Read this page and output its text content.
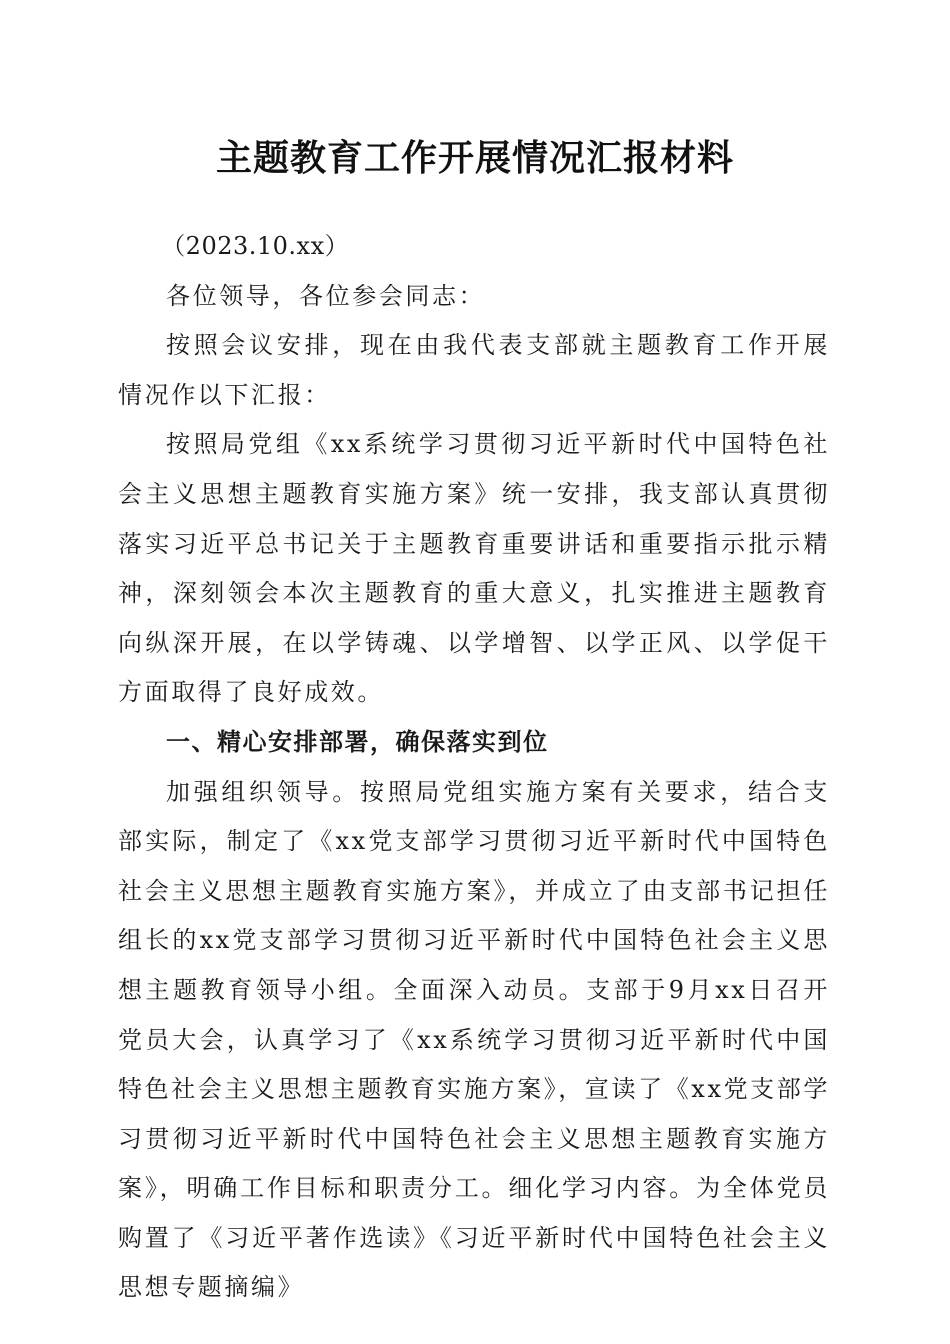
主题教育工作开展情况汇报材料

（2023.10.xx）

各位领导，各位参会同志：

按照会议安排，现在由我代表支部就主题教育工作开展情况作以下汇报：

按照局党组《xx系统学习贯彻习近平新时代中国特色社会主义思想主题教育实施方案》统一安排，我支部认真贯彻落实习近平总书记关于主题教育重要讲话和重要指示批示精神，深刻领会本次主题教育的重大意义，扎实推进主题教育向纵深开展，在以学铸魂、以学增智、以学正风、以学促干方面取得了良好成效。

一、精心安排部署，确保落实到位

加强组织领导。按照局党组实施方案有关要求，结合支部实际，制定了《xx党支部学习贯彻习近平新时代中国特色社会主义思想主题教育实施方案》，并成立了由支部书记担任组长的xx党支部学习贯彻习近平新时代中国特色社会主义思想主题教育领导小组。全面深入动员。支部于9月xx日召开党员大会，认真学习了《xx系统学习贯彻习近平新时代中国特色社会主义思想主题教育实施方案》，宣读了《xx党支部学习贯彻习近平新时代中国特色社会主义思想主题教育实施方案》，明确工作目标和职责分工。细化学习内容。为全体党员购置了《习近平著作选读》《习近平新时代中国特色社会主义思想专题摘编》
